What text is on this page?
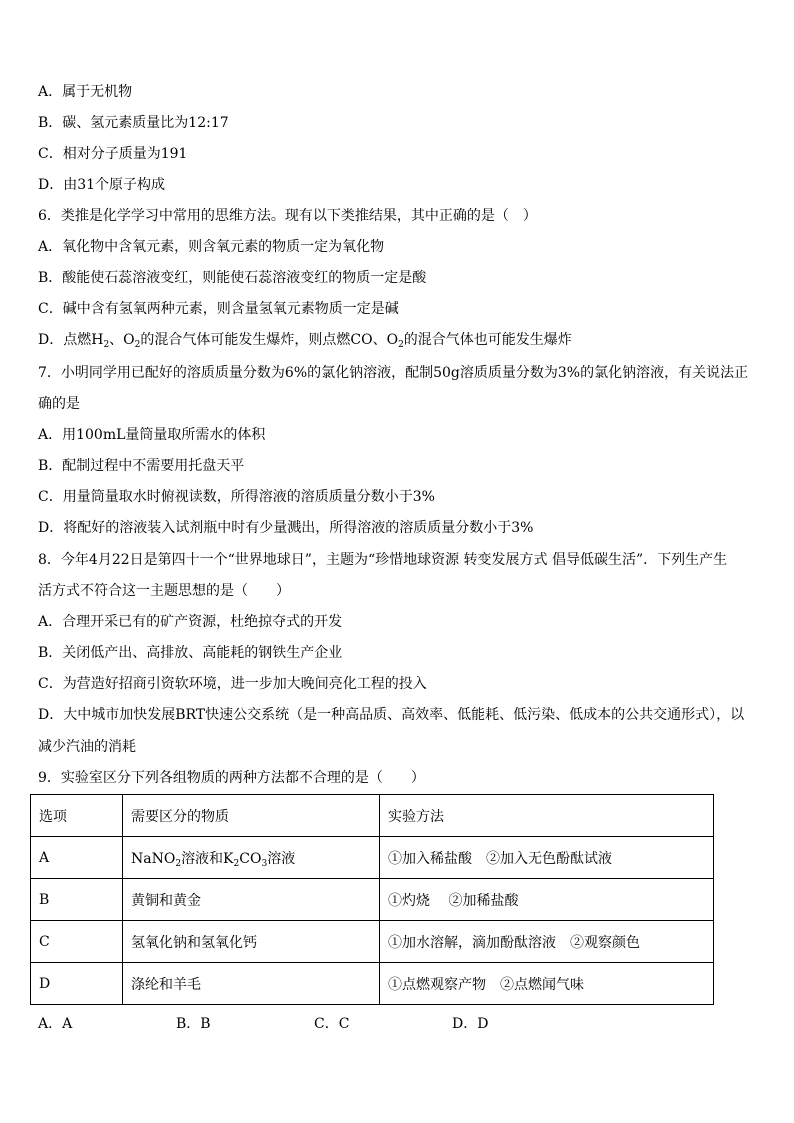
A．属于无机物
B．碳、氢元素质量比为12:17
C．相对分子质量为191
D．由31个原子构成
6．类推是化学学习中常用的思维方法。现有以下类推结果，其中正确的是（　）
A．氧化物中含氧元素，则含氧元素的物质一定为氧化物
B．酸能使石蕊溶液变红，则能使石蕊溶液变红的物质一定是酸
C．碱中含有氢氧两种元素，则含量氢氧元素物质一定是碱
D．点燃$H_2$、$O_2$的混合气体可能发生爆炸，则点燃CO、$O_2$的混合气体也可能发生爆炸
7．小明同学用已配好的溶质质量分数为6%的氯化钠溶液，配制50g溶质质量分数为3%的氯化钠溶液，有关说法正
确的是
A．用100mL量筒量取所需水的体积
B．配制过程中不需要用托盘天平
C．用量筒量取水时俯视读数，所得溶液的溶质质量分数小于3%
D．将配好的溶液装入试剂瓶中时有少量溅出，所得溶液的溶质质量分数小于3%
8．今年4月22日是第四十一个“世界地球日”，主题为“珍惜地球资源 转变发展方式 倡导低碳生活”．下列生产生
活方式不符合这一主题思想的是（　　）
A．合理开采已有的矿产资源，杜绝掠夺式的开发
B．关闭低产出、高排放、高能耗的钢铁生产企业
C．为营造好招商引资软环境，进一步加大晚间亮化工程的投入
D．大中城市加快发展BRT快速公交系统（是一种高品质、高效率、低能耗、低污染、低成本的公共交通形式），以
减少汽油的消耗
9．实验室区分下列各组物质的两种方法都不合理的是（　　）
选项	需要区分的物质	实验方法
A	NaNO$_2$溶液和$K_2CO_3$溶液	①加入稀盐酸　②加入无色酚酞试液
B	黄铜和黄金	①灼烧　 ②加稀盐酸
C	氢氧化钠和氢氧化钙	①加水溶解，滴加酚酞溶液　②观察颜色
D	涤纶和羊毛	①点燃观察产物　②点燃闻气味
A．A	B．B	C．C	D．D
